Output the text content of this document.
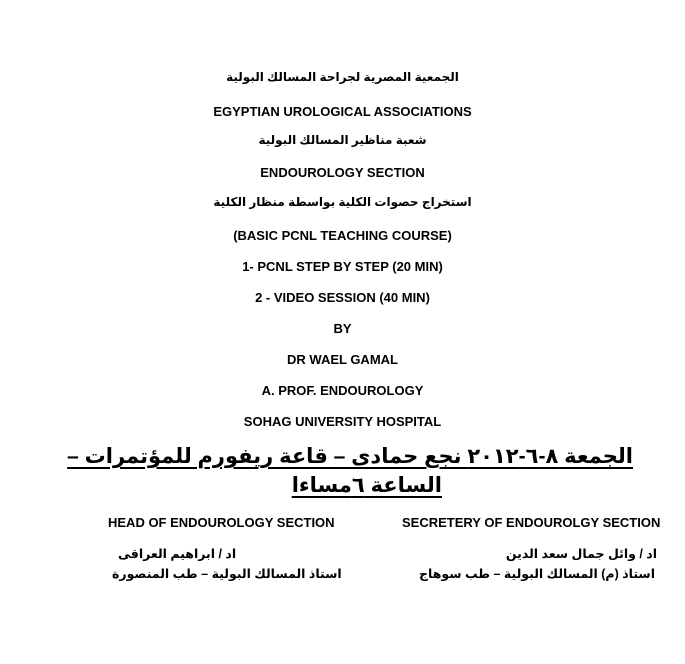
الجمعية المصرية لجراحة المسالك البولية
EGYPTIAN UROLOGICAL ASSOCIATIONS
شعبة مناظير المسالك البولية
ENDOUROLOGY SECTION
استخراج حصوات الكلية بواسطة منظار الكلية
(BASIC PCNL TEACHING COURSE)
1- PCNL STEP BY STEP (20 MIN)
2 - VIDEO SESSION (40 MIN)
BY
DR WAEL GAMAL
A. PROF. ENDOUROLOGY
SOHAG UNIVERSITY HOSPITAL
الجمعة ٨-٦-٢٠١٢ نجع حمادى – قاعة ريفورم للمؤتمرات –
الساعة ٦مساءا
HEAD OF ENDOUROLOGY SECTION	SECRETERY OF ENDOUROLGY SECTION
اد / ابراهيم العراقى
استاذ المسالك البولية – طب المنصورة
اد / وائل جمال سعد الدين
استاذ (م) المسالك البولية – طب سوهاج
